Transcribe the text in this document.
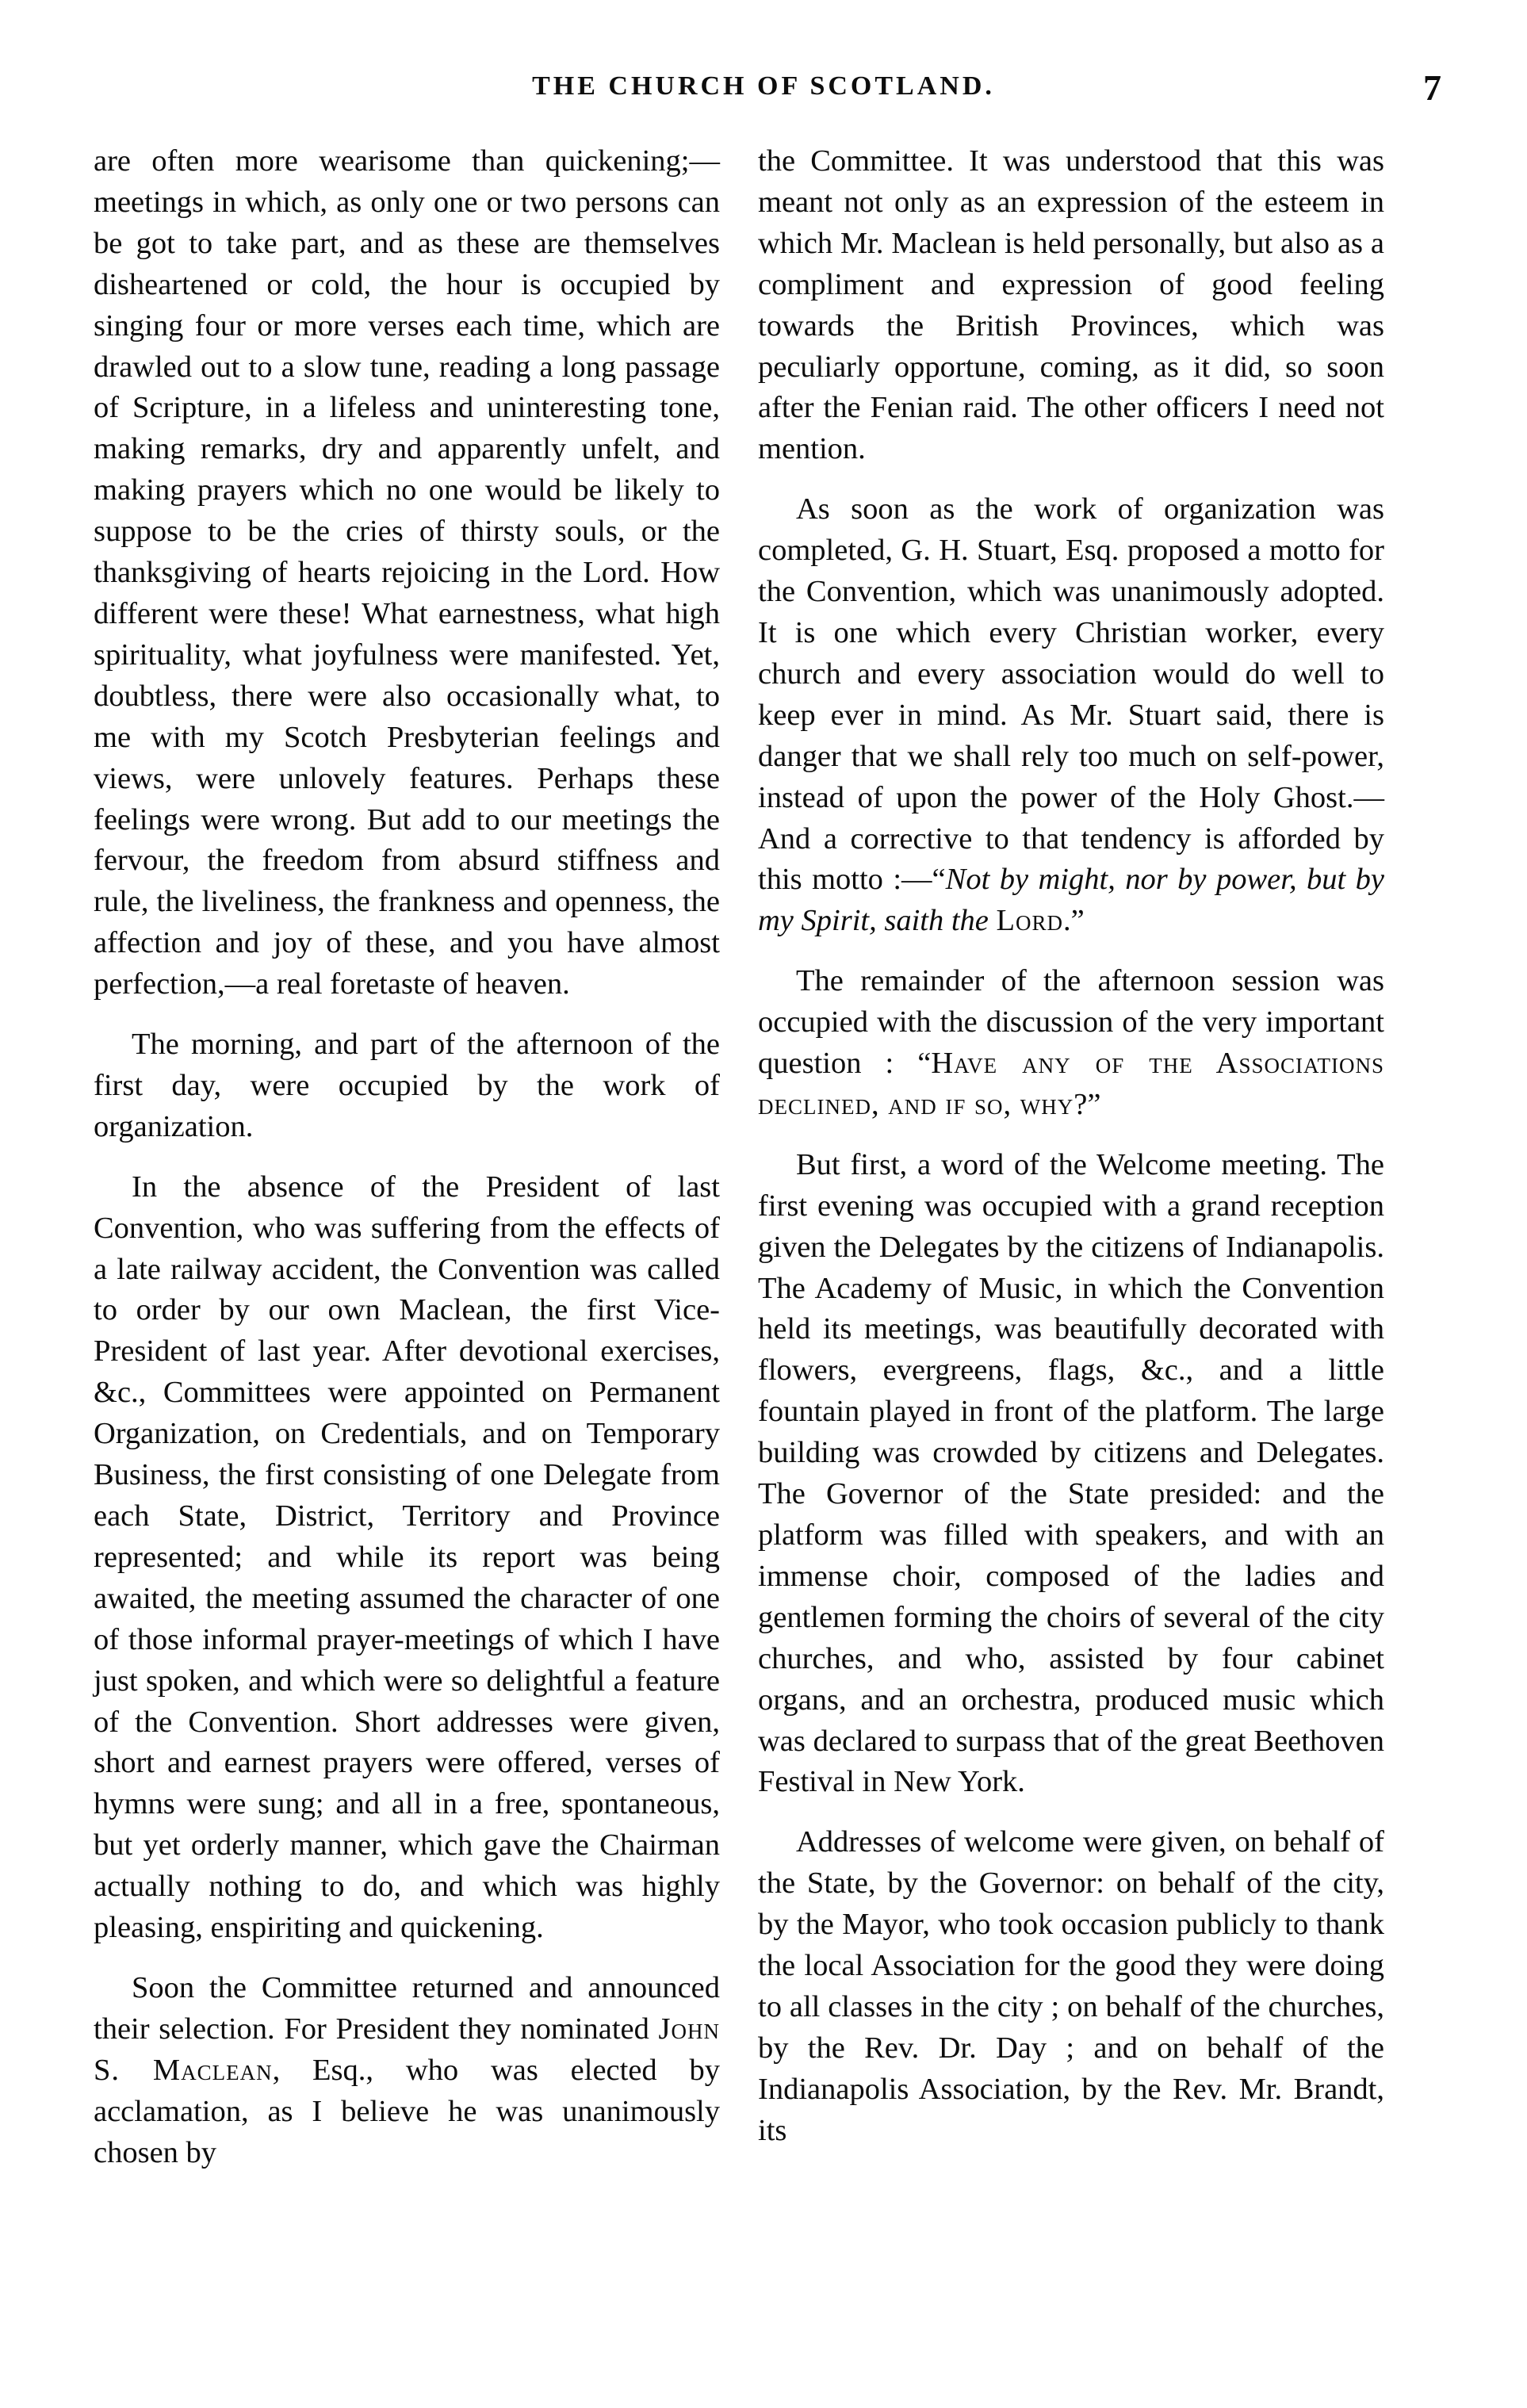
THE CHURCH OF SCOTLAND.	7

are often more wearisome than quickening;—meetings in which, as only one or two persons can be got to take part, and as these are themselves disheartened or cold, the hour is occupied by singing four or more verses each time, which are drawled out to a slow tune, reading a long passage of Scripture, in a lifeless and uninteresting tone, making remarks, dry and apparently unfelt, and making prayers which no one would be likely to suppose to be the cries of thirsty souls, or the thanksgiving of hearts rejoicing in the Lord. How different were these! What earnestness, what high spirituality, what joyfulness were manifested. Yet, doubtless, there were also occasionally what, to me with my Scotch Presbyterian feelings and views, were unlovely features. Perhaps these feelings were wrong. But add to our meetings the fervour, the freedom from absurd stiffness and rule, the liveliness, the frankness and openness, the affection and joy of these, and you have almost perfection,—a real foretaste of heaven.

The morning, and part of the afternoon of the first day, were occupied by the work of organization.

In the absence of the President of last Convention, who was suffering from the effects of a late railway accident, the Convention was called to order by our own Maclean, the first Vice-President of last year. After devotional exercises, &c., Committees were appointed on Permanent Organization, on Credentials, and on Temporary Business, the first consisting of one Delegate from each State, District, Territory and Province represented; and while its report was being awaited, the meeting assumed the character of one of those informal prayer-meetings of which I have just spoken, and which were so delightful a feature of the Convention. Short addresses were given, short and earnest prayers were offered, verses of hymns were sung; and all in a free, spontaneous, but yet orderly manner, which gave the Chairman actually nothing to do, and which was highly pleasing, enspiriting and quickening.

Soon the Committee returned and announced their selection. For President they nominated John S. Maclean, Esq., who was elected by acclamation, as I believe he was unanimously chosen by

the Committee. It was understood that this was meant not only as an expression of the esteem in which Mr. Maclean is held personally, but also as a compliment and expression of good feeling towards the British Provinces, which was peculiarly opportune, coming, as it did, so soon after the Fenian raid. The other officers I need not mention.

As soon as the work of organization was completed, G. H. Stuart, Esq. proposed a motto for the Convention, which was unanimously adopted. It is one which every Christian worker, every church and every association would do well to keep ever in mind. As Mr. Stuart said, there is danger that we shall rely too much on self-power, instead of upon the power of the Holy Ghost.— And a corrective to that tendency is afforded by this motto :—“Not by might, nor by power, but by my Spirit, saith the Lord.”

The remainder of the afternoon session was occupied with the discussion of the very important question : “Have any of the Associations declined, and if so, why?”

But first, a word of the Welcome meeting. The first evening was occupied with a grand reception given the Delegates by the citizens of Indianapolis. The Academy of Music, in which the Convention held its meetings, was beautifully decorated with flowers, evergreens, flags, &c., and a little fountain played in front of the platform. The large building was crowded by citizens and Delegates. The Governor of the State presided: and the platform was filled with speakers, and with an immense choir, composed of the ladies and gentlemen forming the choirs of several of the city churches, and who, assisted by four cabinet organs, and an orchestra, produced music which was declared to surpass that of the great Beethoven Festival in New York.

Addresses of welcome were given, on behalf of the State, by the Governor: on behalf of the city, by the Mayor, who took occasion publicly to thank the local Association for the good they were doing to all classes in the city ; on behalf of the churches, by the Rev. Dr. Day ; and on behalf of the Indianapolis Association, by the Rev. Mr. Brandt, its
